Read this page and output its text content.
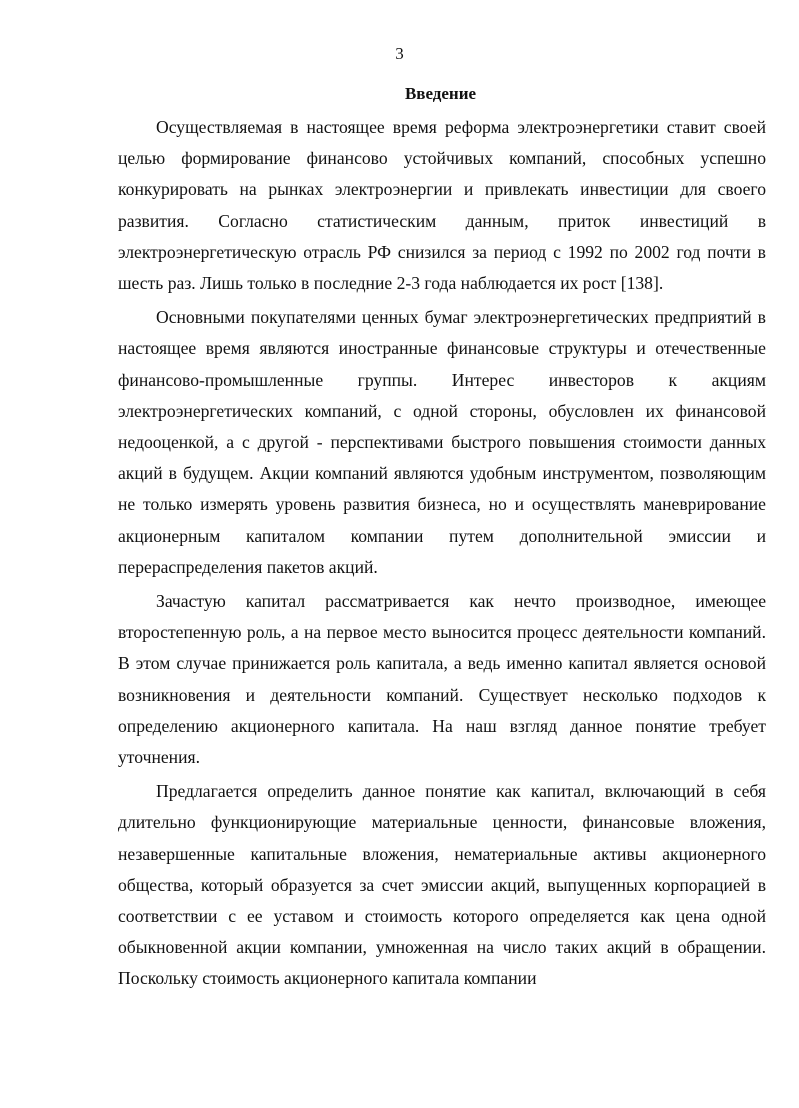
3
Введение

Осуществляемая в настоящее время реформа электроэнергетики ставит своей целью формирование финансово устойчивых компаний, способных успешно конкурировать на рынках электроэнергии и привлекать инвестиции для своего развития. Согласно статистическим данным, приток инвестиций в электроэнергетическую отрасль РФ снизился за период с 1992 по 2002 год почти в шесть раз. Лишь только в последние 2-3 года наблюдается их рост [138].

Основными покупателями ценных бумаг электроэнергетических предприятий в настоящее время являются иностранные финансовые структуры и отечественные финансово-промышленные группы. Интерес инвесторов к акциям электроэнергетических компаний, с одной стороны, обусловлен их финансовой недооценкой, а с другой - перспективами быстрого повышения стоимости данных акций в будущем. Акции компаний являются удобным инструментом, позволяющим не только измерять уровень развития бизнеса, но и осуществлять маневрирование акционерным капиталом компании путем дополнительной эмиссии и перераспределения пакетов акций.

Зачастую капитал рассматривается как нечто производное, имеющее второстепенную роль, а на первое место выносится процесс деятельности компаний. В этом случае принижается роль капитала, а ведь именно капитал является основой возникновения и деятельности компаний. Существует несколько подходов к определению акционерного капитала. На наш взгляд данное понятие требует уточнения.

Предлагается определить данное понятие как капитал, включающий в себя длительно функционирующие материальные ценности, финансовые вложения, незавершенные капитальные вложения, нематериальные активы акционерного общества, который образуется за счет эмиссии акций, выпущенных корпорацией в соответствии с ее уставом и стоимость которого определяется как цена одной обыкновенной акции компании, умноженная на число таких акций в обращении. Поскольку стоимость акционерного капитала компании
